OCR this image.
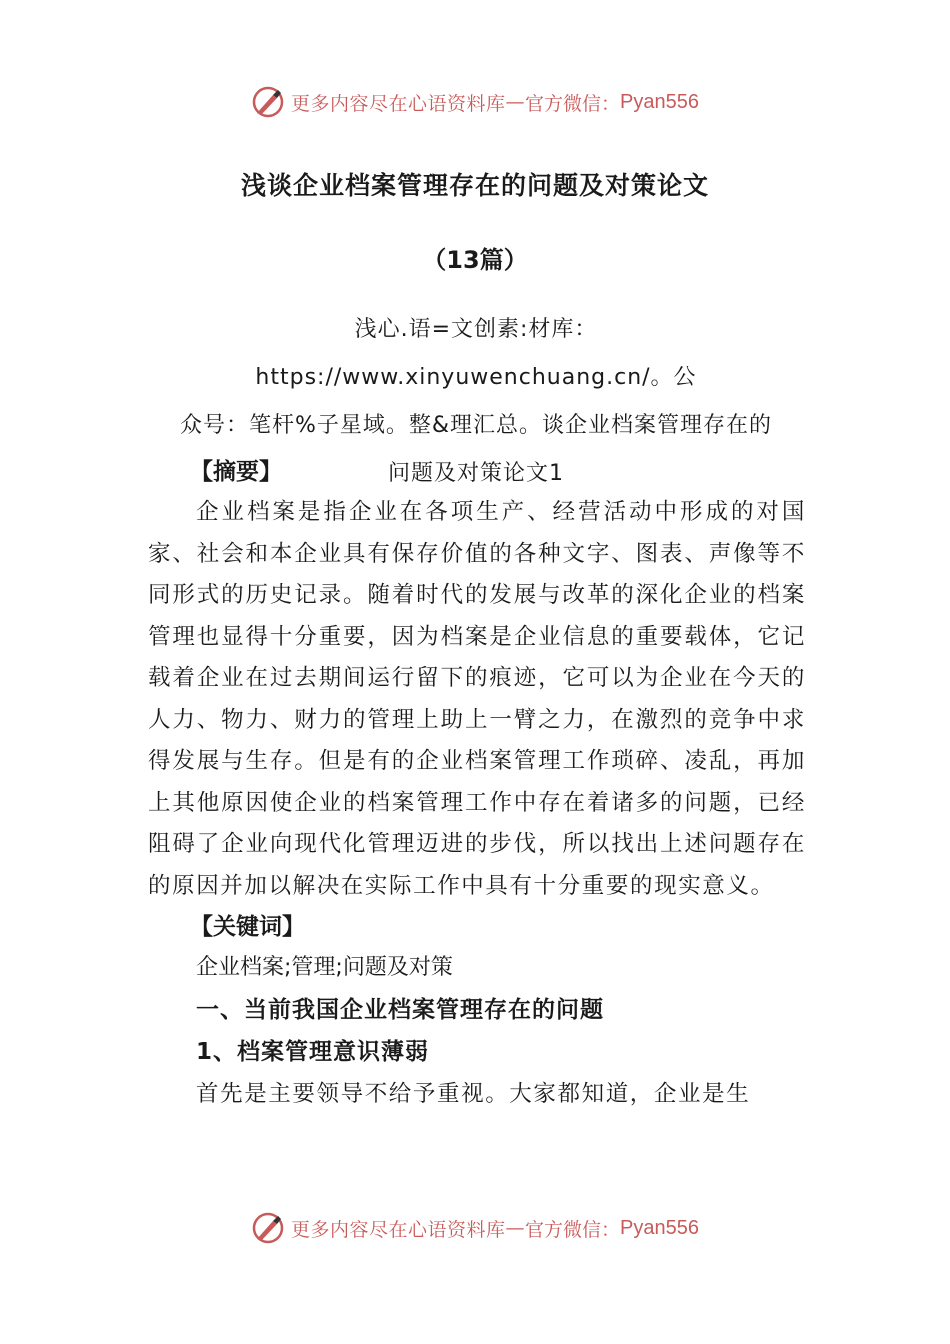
更多内容尽在心语资料库 — 官方微信： Pyan556
浅谈企业档案管理存在的问题及对策论文
（13篇）
浅心.语=文创素:材库：https://www.xinyuwenchuang.cn/。公
众号：笔杆%子星域。整&理汇总。谈企业档案管理存在的
问题及对策论文1
【摘要】
企业档案是指企业在各项生产、经营活动中形成的对国家、社会和本企业具有保存价值的各种文字、图表、声像等不同形式的历史记录。随着时代的发展与改革的深化企业的档案管理也显得十分重要，因为档案是企业信息的重要载体，它记载着企业在过去期间运行留下的痕迹，它可以为企业在今天的人力、物力、财力的管理上助上一臂之力，在激烈的竞争中求得发展与生存。但是有的企业档案管理工作琐碎、凌乱，再加上其他原因使企业的档案管理工作中存在着诸多的问题，已经阻碍了企业向现代化管理迈进的步伐，所以找出上述问题存在的原因并加以解决在实际工作中具有十分重要的现实意义。
【关键词】
企业档案;管理;问题及对策
一、当前我国企业档案管理存在的问题
1、档案管理意识薄弱
首先是主要领导不给予重视。大家都知道，企业是生
更多内容尽在心语资料库 — 官方微信： Pyan556
